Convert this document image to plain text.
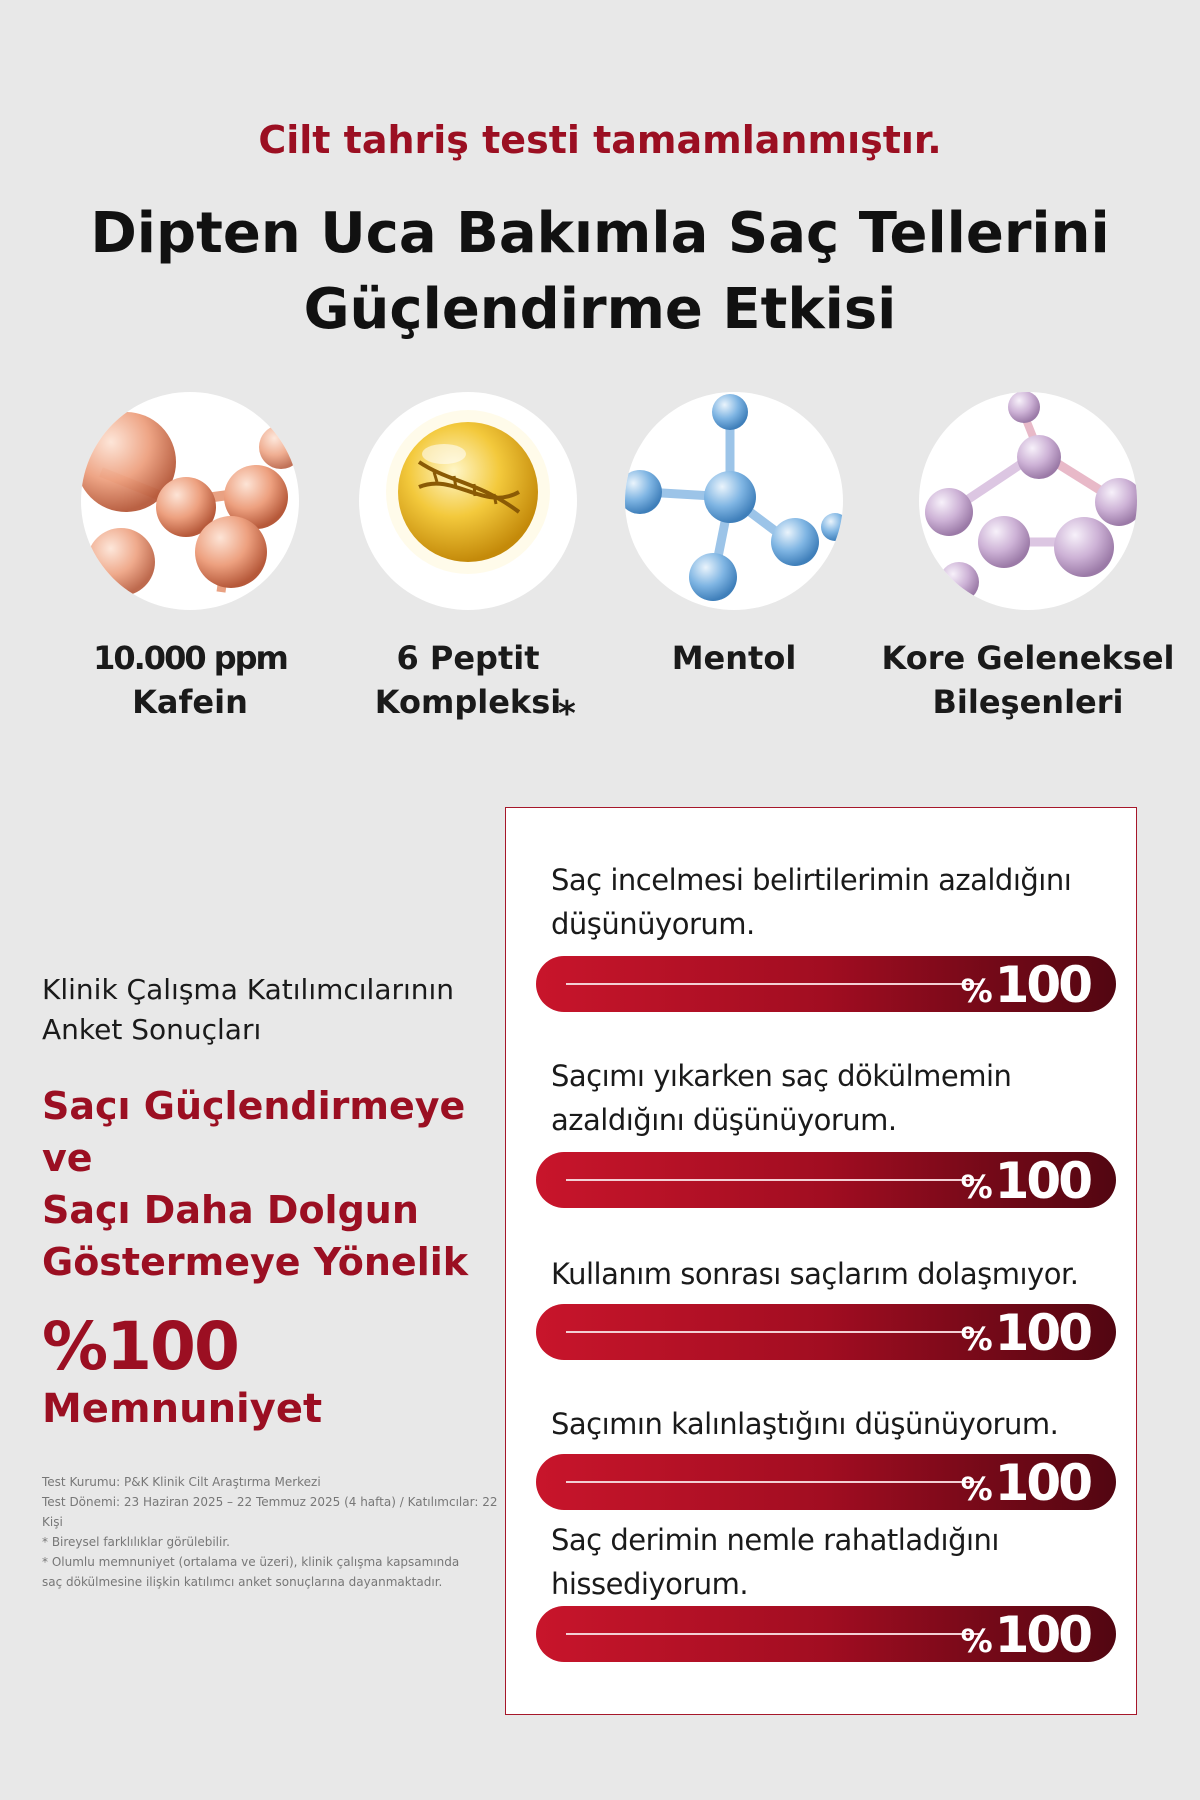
Cilt tahriş testi tamamlanmıştır.
Dipten Uca Bakımla Saç Tellerini
Güçlendirme Etkisi
10.000 ppm
Kafein
6 Peptit
Kompleksi
*
Mentol	Kore Geleneksel
Bileşenleri
Klinik Çalışma Katılımcılarının
Anket Sonuçları
Saçı Güçlendirmeye ve
Saçı Daha Dolgun
Göstermeye Yönelik
%100
Memnuniyet
Test Kurumu: P&K Klinik Cilt Araştırma Merkezi
Test Dönemi: 23 Haziran 2025 – 22 Temmuz 2025 (4 hafta) / Katılımcılar: 22 Kişi
* Bireysel farklılıklar görülebilir.
* Olumlu memnuniyet (ortalama ve üzeri), klinik çalışma kapsamında
saç dökülmesine ilişkin katılımcı anket sonuçlarına dayanmaktadır.
Saç incelmesi belirtilerimin azaldığını
düşünüyorum.
%100
Saçımı yıkarken saç dökülmemin
azaldığını düşünüyorum.
%100
Kullanım sonrası saçlarım dolaşmıyor.
%100
Saçımın kalınlaştığını düşünüyorum.
%100
Saç derimin nemle rahatladığını
hissediyorum.
%100
